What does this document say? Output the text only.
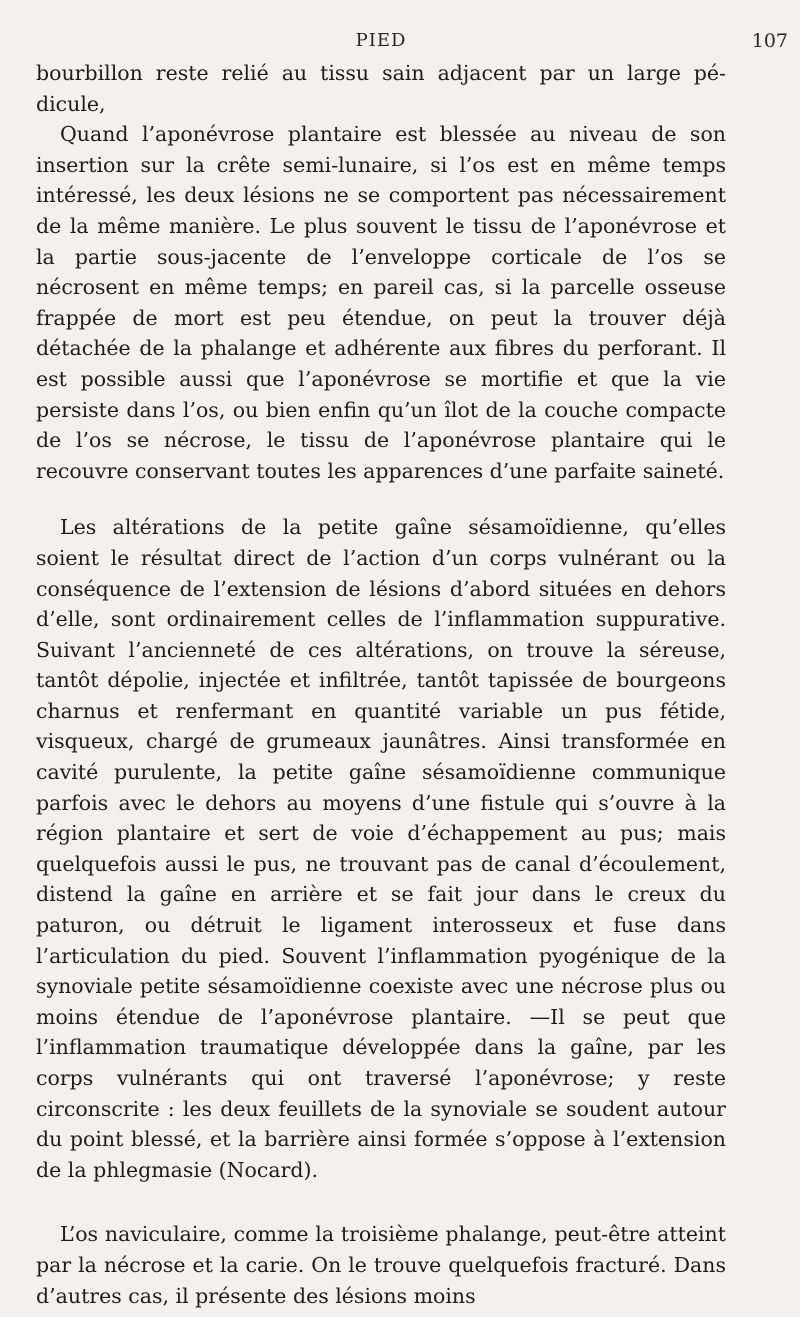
PIED	107

bourbillon reste relié au tissu sain adjacent par un large pé-dicule,

Quand l’aponévrose plantaire est blessée au niveau de son insertion sur la crête semi-lunaire, si l’os est en même temps intéressé, les deux lésions ne se comportent pas nécessairement de la même manière. Le plus souvent le tissu de l’aponévrose et la partie sous-jacente de l’enveloppe corticale de l’os se nécrosent en même temps; en pareil cas, si la parcelle osseuse frappée de mort est peu étendue, on peut la trouver déjà détachée de la phalange et adhérente aux fibres du perforant. Il est possible aussi que l’aponévrose se mortifie et que la vie persiste dans l’os, ou bien enfin qu’un îlot de la couche compacte de l’os se nécrose, le tissu de l’aponévrose plantaire qui le recouvre conservant toutes les apparences d’une parfaite saineté.

Les altérations de la petite gaîne sésamoïdienne, qu’elles soient le résultat direct de l’action d’un corps vulnérant ou la conséquence de l’extension de lésions d’abord situées en dehors d’elle, sont ordinairement celles de l’inflammation suppurative. Suivant l’ancienneté de ces altérations, on trouve la séreuse, tantôt dépolie, injectée et infiltrée, tantôt tapissée de bourgeons charnus et renfermant en quantité variable un pus fétide, visqueux, chargé de grumeaux jaunâtres. Ainsi transformée en cavité purulente, la petite gaîne sésamoïdienne communique parfois avec le dehors au moyens d’une fistule qui s’ouvre à la région plantaire et sert de voie d’échappement au pus; mais quelquefois aussi le pus, ne trouvant pas de canal d’écoulement, distend la gaîne en arrière et se fait jour dans le creux du paturon, ou détruit le ligament interosseux et fuse dans l’articulation du pied. Souvent l’inflammation pyogénique de la synoviale petite sésamoïdienne coexiste avec une nécrose plus ou moins étendue de l’aponévrose plantaire. —Il se peut que l’inflammation traumatique développée dans la gaîne, par les corps vulnérants qui ont traversé l’aponévrose; y reste circonscrite : les deux feuillets de la synoviale se soudent autour du point blessé, et la barrière ainsi formée s’oppose à l’extension de la phlegmasie (Nocard).

L’os naviculaire, comme la troisième phalange, peut-être atteint par la nécrose et la carie. On le trouve quelquefois fracturé. Dans d’autres cas, il présente des lésions moins
